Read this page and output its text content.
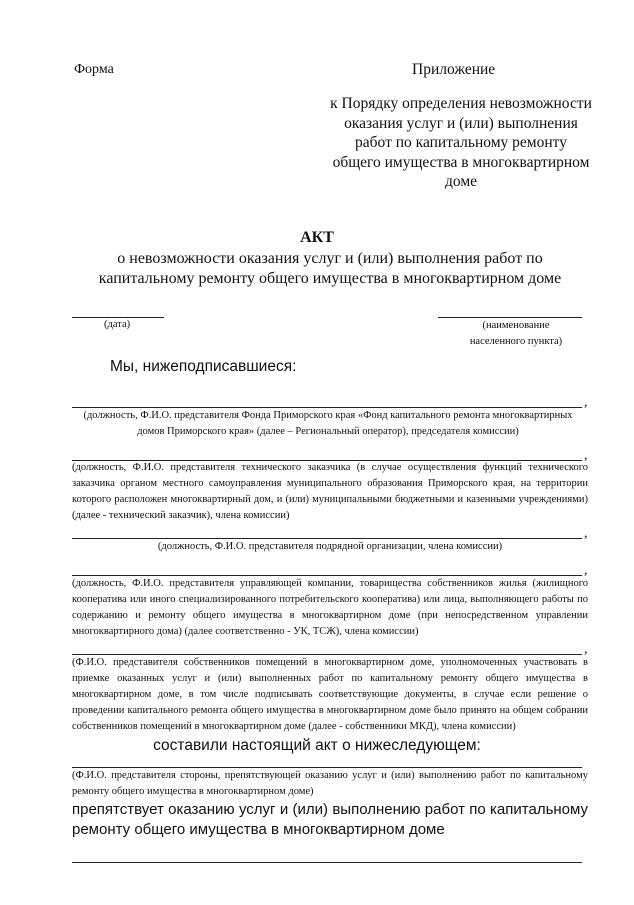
Форма	Приложение
к Порядку определения невозможности оказания услуг и (или) выполнения работ по капитальному ремонту общего имущества в многоквартирном доме
АКТ
о невозможности оказания услуг и (или) выполнения работ по капитальному ремонту общего имущества в многоквартирном доме
(дата)	(наименование населенного пункта)
Мы, нижеподписавшиеся:
,
(должность, Ф.И.О. представителя Фонда Приморского края «Фонд капитального ремонта многоквартирных домов Приморского края» (далее – Региональный оператор), председателя комиссии)
,
(должность, Ф.И.О. представителя технического заказчика (в случае осуществления функций технического заказчика органом местного самоуправления муниципального образования Приморского края, на территории которого расположен многоквартирный дом, и (или) муниципальными бюджетными и казенными учреждениями) (далее - технический заказчик), члена комиссии)
,
(должность, Ф.И.О. представителя подрядной организации, члена комиссии)
,
(должность, Ф.И.О. представителя управляющей компании, товарищества собственников жилья (жилищного кооператива или иного специализированного потребительского кооператива) или лица, выполняющего работы по содержанию и ремонту общего имущества в многоквартирном доме (при непосредственном управлении многоквартирного дома) (далее соответственно - УК, ТСЖ), члена комиссии)
,
(Ф.И.О. представителя собственников помещений в многоквартирном доме, уполномоченных участвовать в приемке оказанных услуг и (или) выполненных работ по капитальному ремонту общего имущества в многоквартирном доме, в том числе подписывать соответствующие документы, в случае если решение о проведении капитального ремонта общего имущества в многоквартирном доме было принято на общем собрании собственников помещений в многоквартирном доме (далее - собственники МКД), члена комиссии)
составили настоящий акт о нижеследующем:
(Ф.И.О. представителя стороны, препятствующей оказанию услуг и (или) выполнению работ по капитальному ремонту общего имущества в многоквартирном доме)
препятствует оказанию услуг и (или) выполнению работ по капитальному ремонту общего имущества в многоквартирном доме
